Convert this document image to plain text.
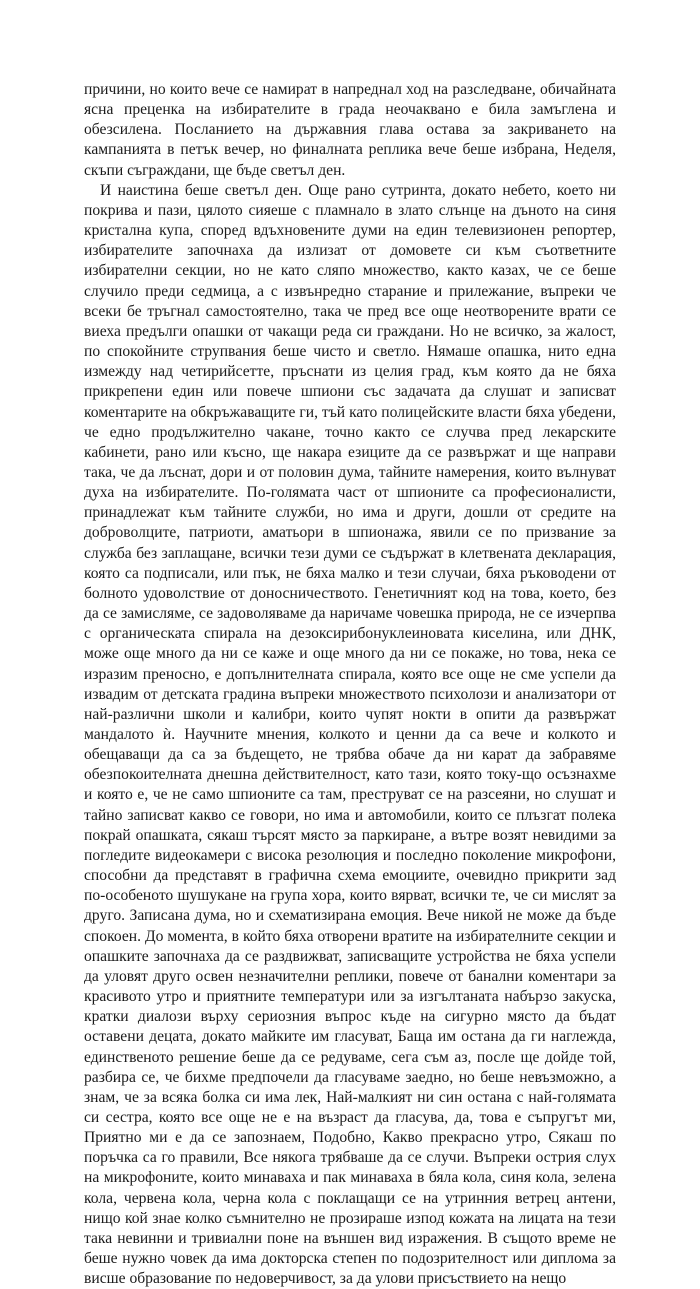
причини, но които вече се намират в напреднал ход на разследване, обичайната ясна преценка на избирателите в града неочаквано е била замъглена и обезсилена. Посланието на държавния глава остава за закриването на кампанията в петък вечер, но финалната реплика вече беше избрана, Неделя, скъпи съграждани, ще бъде светъл ден.

И наистина беше светъл ден. Още рано сутринта, докато небето, което ни покрива и пази, цялото сияеше с пламнало в злато слънце на дъното на синя кристална купа, според вдъхновените думи на един телевизионен репортер, избирателите започнаха да излизат от домовете си към съответните избирателни секции, но не като сляпо множество, както казах, че се беше случило преди седмица, а с извънредно старание и прилежание, въпреки че всеки бе тръгнал самостоятелно, така че пред все още неотворените врати се виеха предълги опашки от чакащи реда си граждани. Но не всичко, за жалост, по спокойните струпвания беше чисто и светло. Нямаше опашка, нито една измежду над четирийсетте, пръснати из целия град, към която да не бяха прикрепени един или повече шпиони със задачата да слушат и записват коментарите на обкръжаващите ги, тъй като полицейските власти бяха убедени, че едно продължително чакане, точно както се случва пред лекарските кабинети, рано или късно, ще накара езиците да се развържат и ще направи така, че да лъснат, дори и от половин дума, тайните намерения, които вълнуват духа на избирателите. По-голямата част от шпионите са професионалисти, принадлежат към тайните служби, но има и други, дошли от средите на доброволците, патриоти, аматьори в шпионажа, явили се по призвание за служба без заплащане, всички тези думи се съдържат в клетвената декларация, която са подписали, или пък, не бяха малко и тези случаи, бяха ръководени от болното удоволствие от доносничеството. Генетичният код на това, което, без да се замисляме, се задоволяваме да наричаме човешка природа, не се изчерпва с органическата спирала на дезоксирибонуклеиновата киселина, или ДНК, може още много да ни се каже и още много да ни се покаже, но това, нека се изразим преносно, е допълнителната спирала, която все още не сме успели да извадим от детската градина въпреки множеството психолози и анализатори от най-различни школи и калибри, които чупят нокти в опити да развържат мандалото ѝ. Научните мнения, колкото и ценни да са вече и колкото и обещаващи да са за бъдещето, не трябва обаче да ни карат да забравяме обезпокоителната днешна действителност, като тази, която току-що осъзнахме и която е, че не само шпионите са там, преструват се на разсеяни, но слушат и тайно записват какво се говори, но има и автомобили, които се плъзгат полека покрай опашката, сякаш търсят място за паркиране, а вътре возят невидими за погледите видеокамери с висока резолюция и последно поколение микрофони, способни да представят в графична схема емоциите, очевидно прикрити зад по-особеното шушукане на група хора, които вярват, всички те, че си мислят за друго. Записана дума, но и схематизирана емоция. Вече никой не може да бъде спокоен. До момента, в който бяха отворени вратите на избирателните секции и опашките започнаха да се раздвижват, записващите устройства не бяха успели да уловят друго освен незначителни реплики, повече от банални коментари за красивото утро и приятните температури или за изгълтаната набързо закуска, кратки диалози върху сериозния въпрос къде на сигурно място да бъдат оставени децата, докато майките им гласуват, Баща им остана да ги наглежда, единственото решение беше да се редуваме, сега съм аз, после ще дойде той, разбира се, че бихме предпочели да гласуваме заедно, но беше невъзможно, а знам, че за всяка болка си има лек, Най-малкият ни син остана с най-голямата си сестра, която все още не е на възраст да гласува, да, това е съпругът ми, Приятно ми е да се запознаем, Подобно, Какво прекрасно утро, Сякаш по поръчка са го правили, Все някога трябваше да се случи. Въпреки острия слух на микрофоните, които минаваха и пак минаваха в бяла кола, синя кола, зелена кола, червена кола, черна кола с поклащащи се на утринния ветрец антени, нищо кой знае колко съмнително не прозираше изпод кожата на лицата на тези така невинни и тривиални поне на външен вид изражения. В същото време не беше нужно човек да има докторска степен по подозрителност или диплома за висше образование по недоверчивост, за да улови присъствието на нещо
